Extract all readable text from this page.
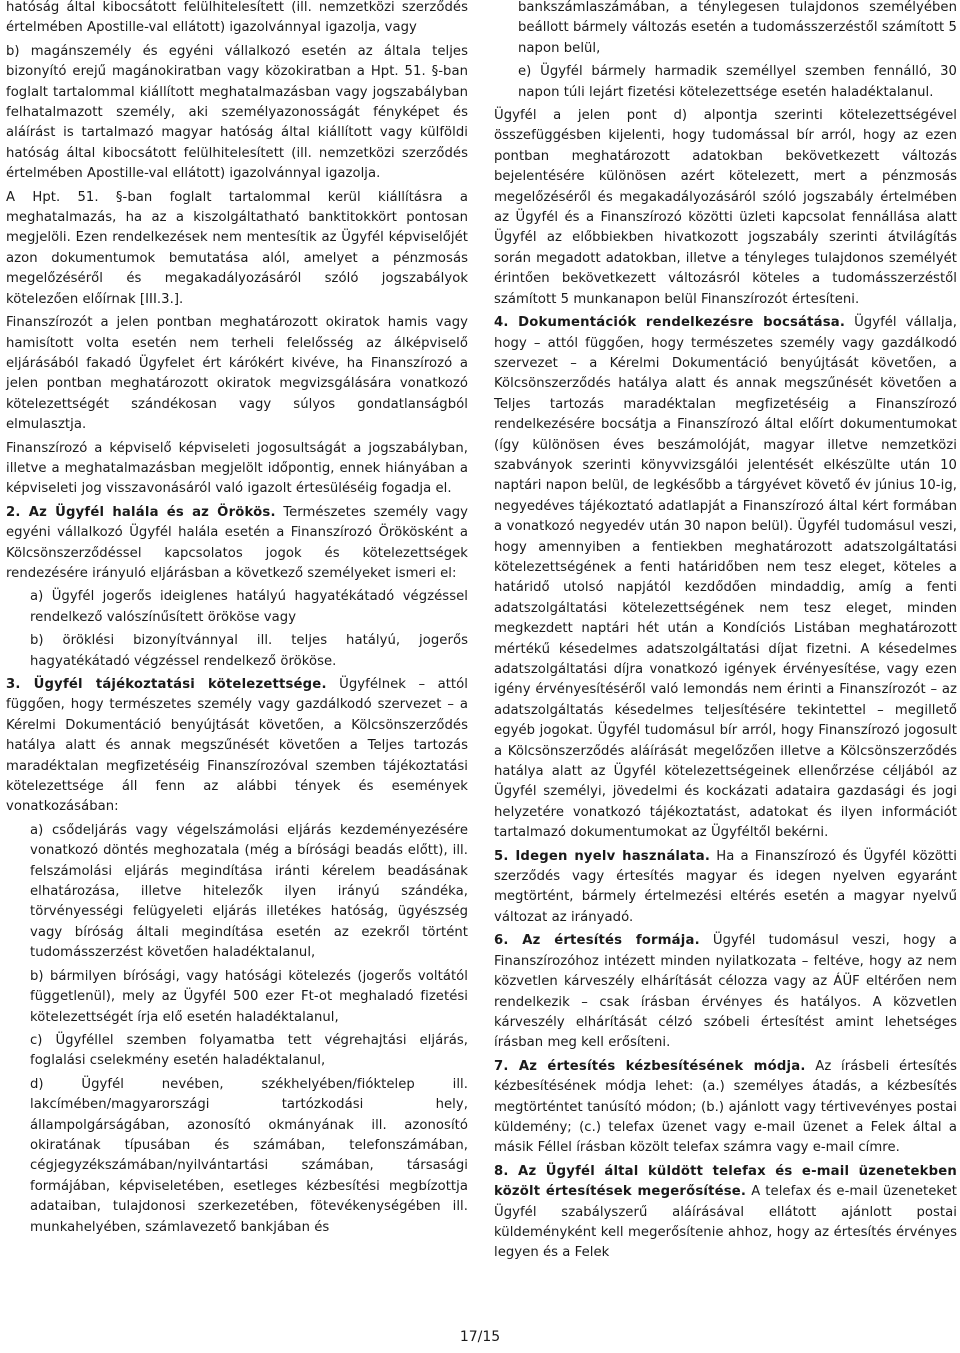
hatóság által kibocsátott felülhitelesített (ill. nemzetközi szerződés értelmében Apostille-val ellátott) igazolvánnyal igazolja, vagy

b) magánszemély és egyéni vállalkozó esetén az általa teljes bizonyító erejű magánokiratban vagy közokiratban a Hpt. 51. §-ban foglalt tartalommal kiállított meghatalmazásban vagy jogszabályban felhatalmazott személy, aki személyazonosságát fényképet és aláírást is tartalmazó magyar hatóság által kiállított vagy külföldi hatóság által kibocsátott felülhitelesített (ill. nemzetközi szerződés értelmében Apostille-val ellátott) igazolvánnyal igazolja.

A Hpt. 51. §-ban foglalt tartalommal kerül kiállításra a meghatalmazás, ha az a kiszolgáltatható banktitokkört pontosan megjelöli. Ezen rendelkezések nem mentesítik az Ügyfél képviselőjét azon dokumentumok bemutatása alól, amelyet a pénzmosás megelőzéséről és megakadályozásáról szóló jogszabályok kötelezően előírnak [III.3.].

Finanszírozót a jelen pontban meghatározott okiratok hamis vagy hamisított volta esetén nem terheli felelősség az álképviselő eljárásából fakadó Ügyfelet ért kárókért kivéve, ha Finanszírozó a jelen pontban meghatározott okiratok megvizsgálására vonatkozó kötelezettségét szándékosan vagy súlyos gondatlanságból elmulasztja.

Finanszírozó a képviselő képviseleti jogosultságát a jogszabályban, illetve a meghatalmazásban megjelölt időpontig, ennek hiányában a képviseleti jog visszavonásáról való igazolt értesüléséig fogadja el.

2. Az Ügyfél halála és az Örökös. Természetes személy vagy egyéni vállalkozó Ügyfél halála esetén a Finanszírozó Örökösként a Kölcsönszerződéssel kapcsolatos jogok és kötelezettségek rendezésére irányuló eljárásban a következő személyeket ismeri el:

a) Ügyfél jogerős ideiglenes hatályú hagyatékátadó végzéssel rendelkező valószínűsített örököse vagy

b) öröklési bizonyítvánnyal ill. teljes hatályú, jogerős hagyatékátadó végzéssel rendelkező örököse.

3. Ügyfél tájékoztatási kötelezettsége. Ügyfélnek – attól függően, hogy természetes személy vagy gazdálkodó szervezet – a Kérelmi Dokumentáció benyújtását követően, a Kölcsönszerződés hatálya alatt és annak megszűnését követően a Teljes tartozás maradéktalan megfizetéséig Finanszírozóval szemben tájékoztatási kötelezettsége áll fenn az alábbi tények és események vonatkozásában:

a) csődeljárás vagy végelszámolási eljárás kezdeményezésére vonatkozó döntés meghozatala (még a bírósági beadás előtt), ill. felszámolási eljárás megindítása iránti kérelem beadásának elhatározása, illetve hitelezők ilyen irányú szándéka, törvényességi felügyeleti eljárás illetékes hatóság, ügyészség vagy bíróság általi megindítása esetén az ezekről történt tudomásszerzést követően haladéktalanul,

b) bármilyen bírósági, vagy hatósági kötelezés (jogerős voltától függetlenül), mely az Ügyfél 500 ezer Ft-ot meghaladó fizetési kötelezettségét írja elő esetén haladéktalanul,

c) Ügyféllel szemben folyamatba tett végrehajtási eljárás, foglalási cselekmény esetén haladéktalanul,

d) Ügyfél nevében, székhelyében/fióktelep ill. lakcímében/magyarországi tartózkodási hely, állampolgárságában, azonosító okmányának ill. azonosító okiratának típusában és számában, telefonszámában, cégjegyzékszámában/nyilvántartási számában, társasági formájában, képviseletében, esetleges kézbesítési megbízottja adataiban, tulajdonosi szerkezetében, fötevékenységében ill. munkahelyében, számlavezető bankjában és

bankszámlaszámában, a ténylegesen tulajdonos személyében beállott bármely változás esetén a tudomásszerzéstől számított 5 napon belül,

e) Ügyfél bármely harmadik személlyel szemben fennálló, 30 napon túli lejárt fizetési kötelezettsége esetén haladéktalanul.

Ügyfél a jelen pont d) alpontja szerinti kötelezettségével összefüggésben kijelenti, hogy tudomással bír arról, hogy az ezen pontban meghatározott adatokban bekövetkezett változás bejelentésére különösen azért kötelezett, mert a pénzmosás megelőzéséről és megakadályozásáról szóló jogszabály értelmében az Ügyfél és a Finanszírozó közötti üzleti kapcsolat fennállása alatt Ügyfél az előbbiekben hivatkozott jogszabály szerinti átvilágítás során megadott adatokban, illetve a tényleges tulajdonos személyét érintően bekövetkezett változásról köteles a tudomásszerzéstől számított 5 munkanapon belül Finanszírozót értesíteni.

4. Dokumentációk rendelkezésre bocsátása. Ügyfél vállalja, hogy – attól függően, hogy természetes személy vagy gazdálkodó szervezet – a Kérelmi Dokumentáció benyújtását követően, a Kölcsönszerződés hatálya alatt és annak megszűnését követően a Teljes tartozás maradéktalan megfizetéséig a Finanszírozó rendelkezésére bocsátja a Finanszírozó által előírt dokumentumokat (így különösen éves beszámolóját, magyar illetve nemzetközi szabványok szerinti könyvvizsgálói jelentését elkészülte után 10 naptári napon belül, de legkésőbb a tárgyévet követő év június 10-ig, negyedéves tájékoztató adatlapját a Finanszírozó által kért formában a vonatkozó negyedév után 30 napon belül). Ügyfél tudomásul veszi, hogy amennyiben a fentiekben meghatározott adatszolgáltatási kötelezettségének a fenti határidőben nem tesz eleget, köteles a határidő utolsó napjától kezdődően mindaddig, amíg a fenti adatszolgáltatási kötelezettségének nem tesz eleget, minden megkezdett naptári hét után a Kondíciós Listában meghatározott mértékű késedelmes adatszolgáltatási díjat fizetni. A késedelmes adatszolgáltatási díjra vonatkozó igények érvényesítése, vagy ezen igény érvényesítéséről való lemondás nem érinti a Finanszírozót – az adatszolgáltatás késedelmes teljesítésére tekintettel – megillető egyéb jogokat. Ügyfél tudomásul bír arról, hogy Finanszírozó jogosult a Kölcsönszerződés aláírását megelőzően illetve a Kölcsönszerződés hatálya alatt az Ügyfél kötelezettségeinek ellenőrzése céljából az Ügyfél személyi, jövedelmi és kockázati adataira gazdasági és jogi helyzetére vonatkozó tájékoztatást, adatokat és ilyen információt tartalmazó dokumentumokat az Ügyféltől bekérni.

5. Idegen nyelv használata. Ha a Finanszírozó és Ügyfél közötti szerződés vagy értesítés magyar és idegen nyelven egyaránt megtörtént, bármely értelmezési eltérés esetén a magyar nyelvű változat az irányadó.

6. Az értesítés formája. Ügyfél tudomásul veszi, hogy a Finanszírozóhoz intézett minden nyilatkozata – feltéve, hogy az nem közvetlen kárveszély elhárítását célozza vagy az ÁÜF eltérően nem rendelkezik – csak írásban érvényes és hatályos. A közvetlen kárveszély elhárítását célzó szóbeli értesítést amint lehetséges írásban meg kell erősíteni.

7. Az értesítés kézbesítésének módja. Az írásbeli értesítés kézbesítésének módja lehet: (a.) személyes átadás, a kézbesítés megtörténtet tanúsító módon; (b.) ajánlott vagy tértivevényes postai küldemény; (c.) telefax üzenet vagy e-mail üzenet a Felek által a másik Féllel írásban közölt telefax számra vagy e-mail címre.

8. Az Ügyfél által küldött telefax és e-mail üzenetekben közölt értesítések megerősítése. A telefax és e-mail üzeneteket Ügyfél szabályszerű aláírásával ellátott ajánlott postai küldeményként kell megerősítenie ahhoz, hogy az értesítés érvényes legyen és a Felek

17/15
